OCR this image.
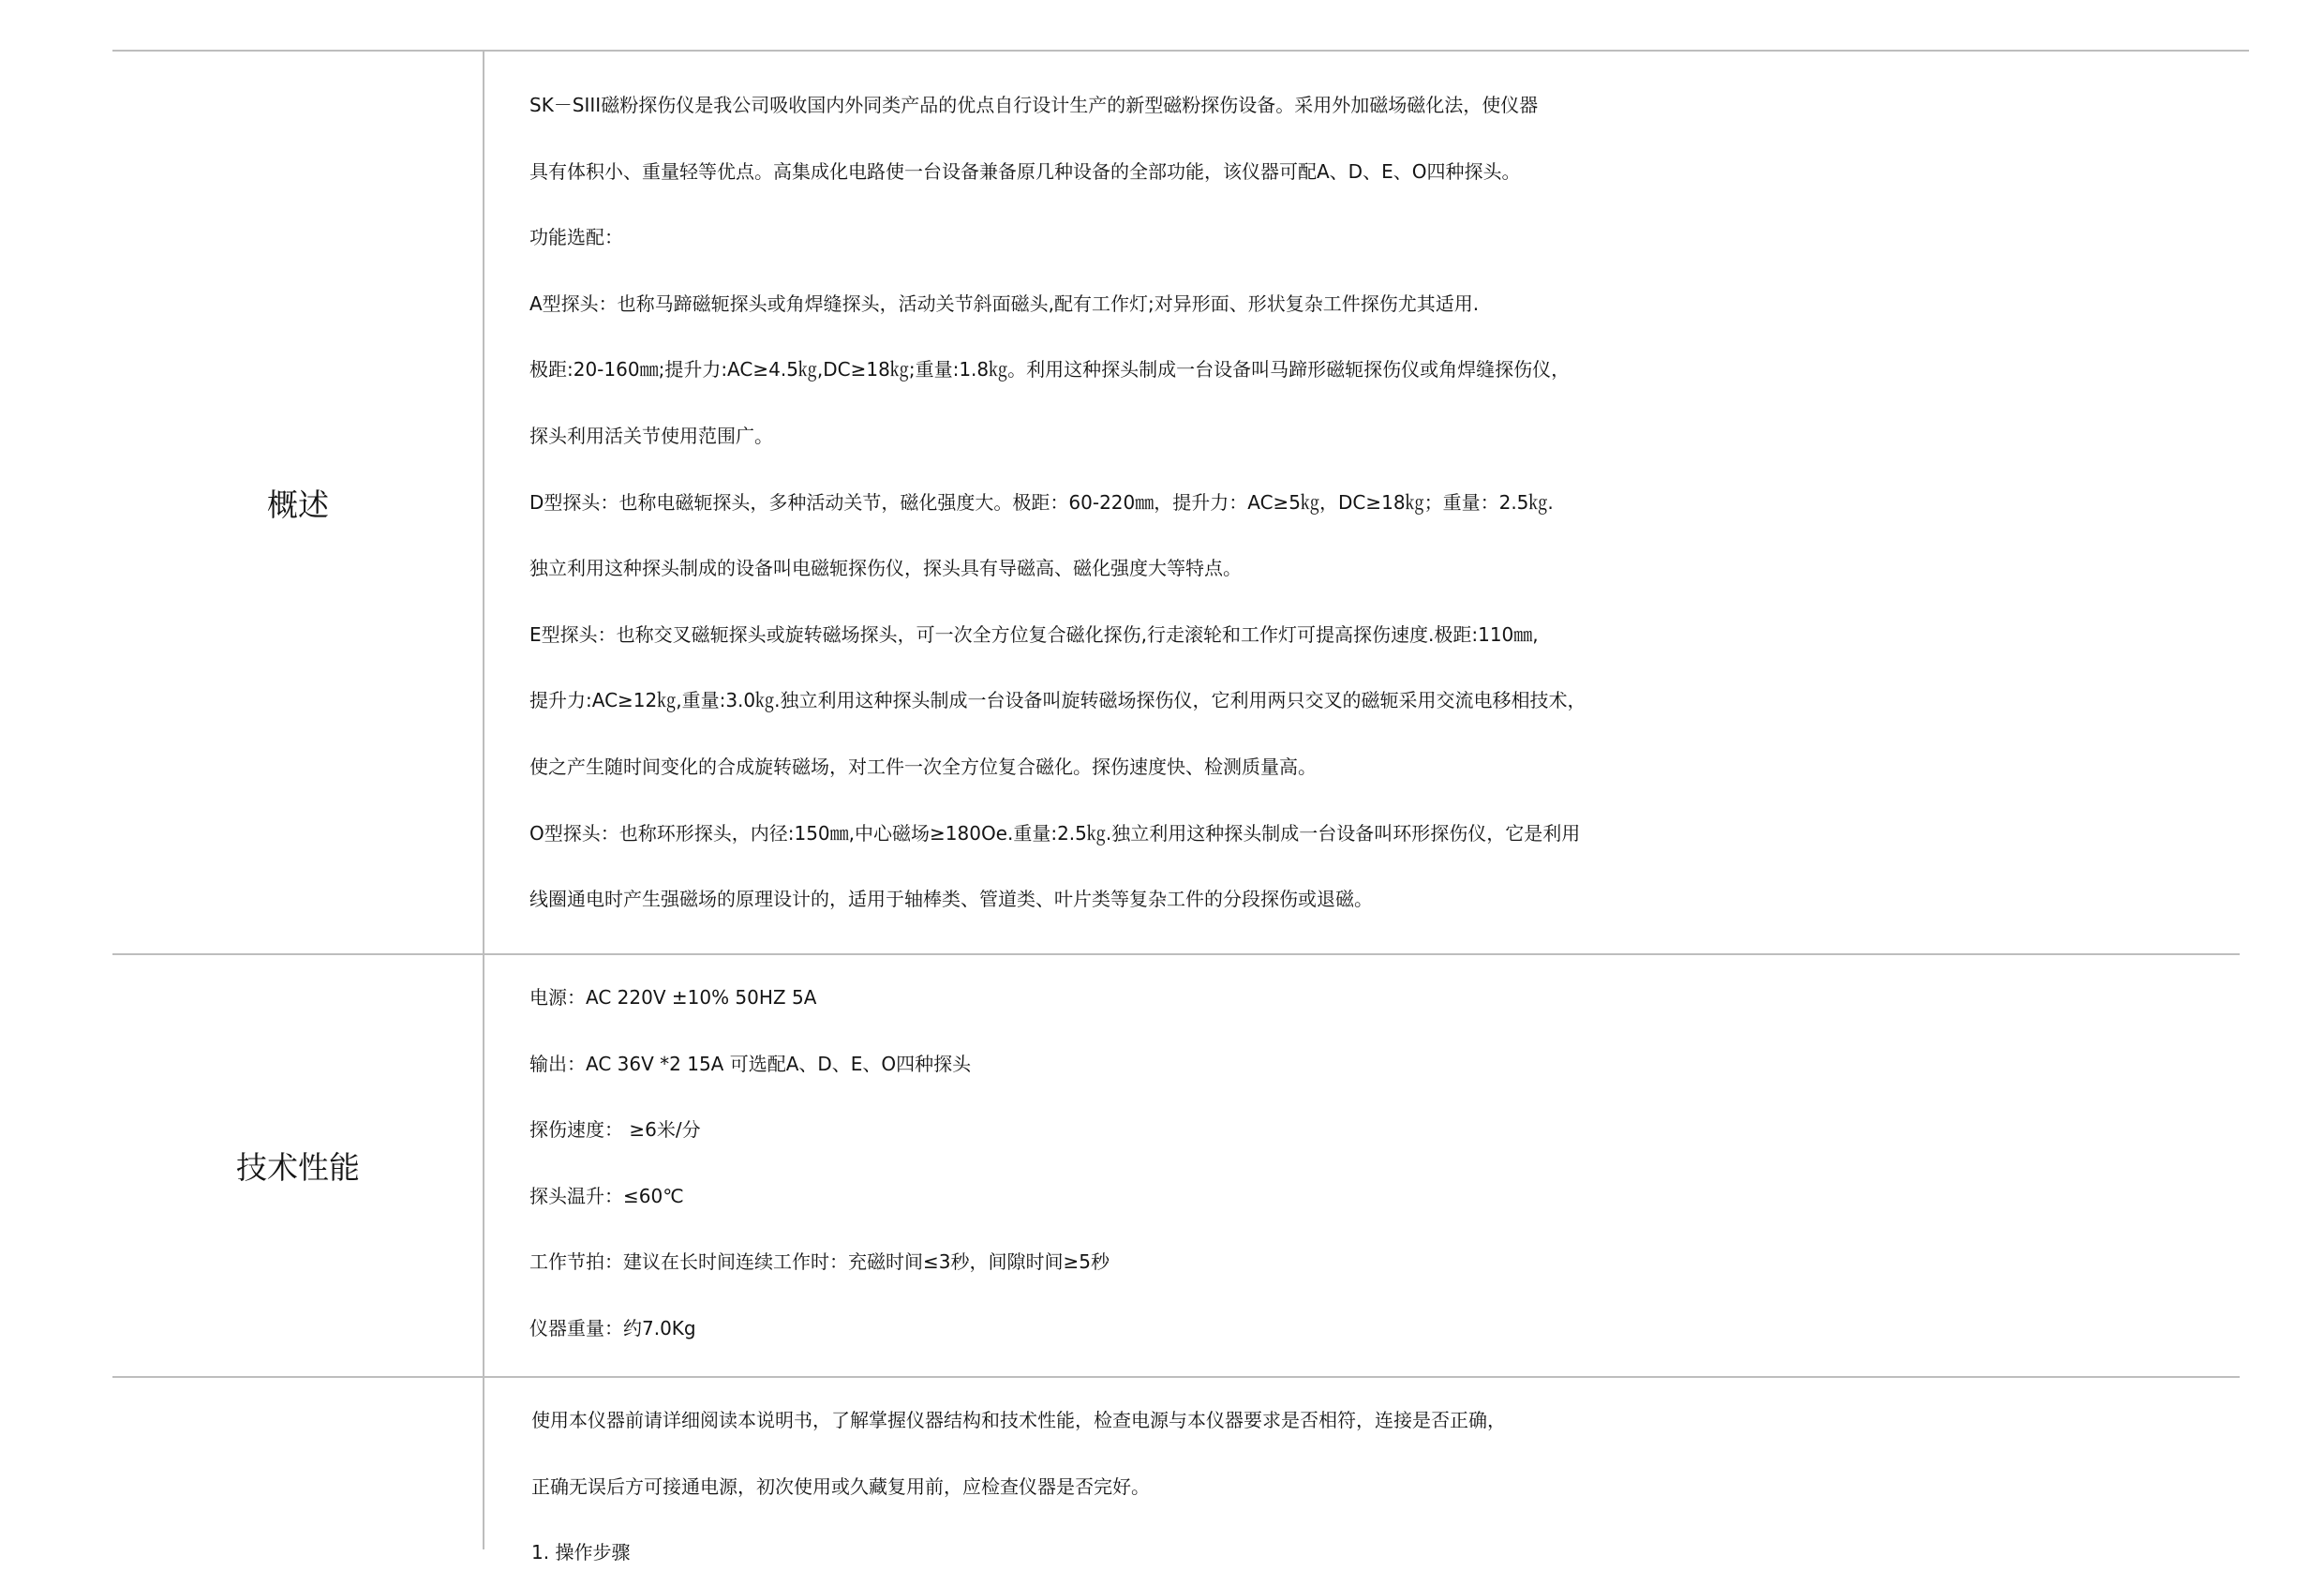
概述
SK－SIII磁粉探伤仪是我公司吸收国内外同类产品的优点自行设计生产的新型磁粉探伤设备。采用外加磁场磁化法，使仪器
具有体积小、重量轻等优点。高集成化电路使一台设备兼备原几种设备的全部功能，该仪器可配A、D、E、O四种探头。
功能选配：
A型探头：也称马蹄磁轭探头或角焊缝探头，活动关节斜面磁头,配有工作灯;对异形面、形状复杂工件探伤尤其适用.
极距:20-160㎜;提升力:AC≥4.5㎏,DC≥18㎏;重量:1.8㎏。利用这种探头制成一台设备叫马蹄形磁轭探伤仪或角焊缝探伤仪，
探头利用活关节使用范围广。
D型探头：也称电磁轭探头，多种活动关节，磁化强度大。极距：60-220㎜，提升力：AC≥5㎏，DC≥18㎏；重量：2.5㎏.
独立利用这种探头制成的设备叫电磁轭探伤仪，探头具有导磁高、磁化强度大等特点。
E型探头：也称交叉磁轭探头或旋转磁场探头，可一次全方位复合磁化探伤,行走滚轮和工作灯可提高探伤速度.极距:110㎜,
提升力:AC≥12㎏,重量:3.0㎏.独立利用这种探头制成一台设备叫旋转磁场探伤仪，它利用两只交叉的磁轭采用交流电移相技术，
使之产生随时间变化的合成旋转磁场，对工件一次全方位复合磁化。探伤速度快、检测质量高。
O型探头：也称环形探头，内径:150㎜,中心磁场≥180Oe.重量:2.5㎏.独立利用这种探头制成一台设备叫环形探伤仪，它是利用
线圈通电时产生强磁场的原理设计的，适用于轴棒类、管道类、叶片类等复杂工件的分段探伤或退磁。
技术性能
电源：AC 220V ±10% 50HZ 5A
输出：AC 36V *2 15A 可选配A、D、E、O四种探头
探伤速度： ≥6米/分
探头温升：≤60℃
工作节拍：建议在长时间连续工作时：充磁时间≤3秒，间隙时间≥5秒
仪器重量：约7.0Kg
使用本仪器前请详细阅读本说明书，了解掌握仪器结构和技术性能，检查电源与本仪器要求是否相符，连接是否正确，
正确无误后方可接通电源，初次使用或久藏复用前，应检查仪器是否完好。
1. 操作步骤
